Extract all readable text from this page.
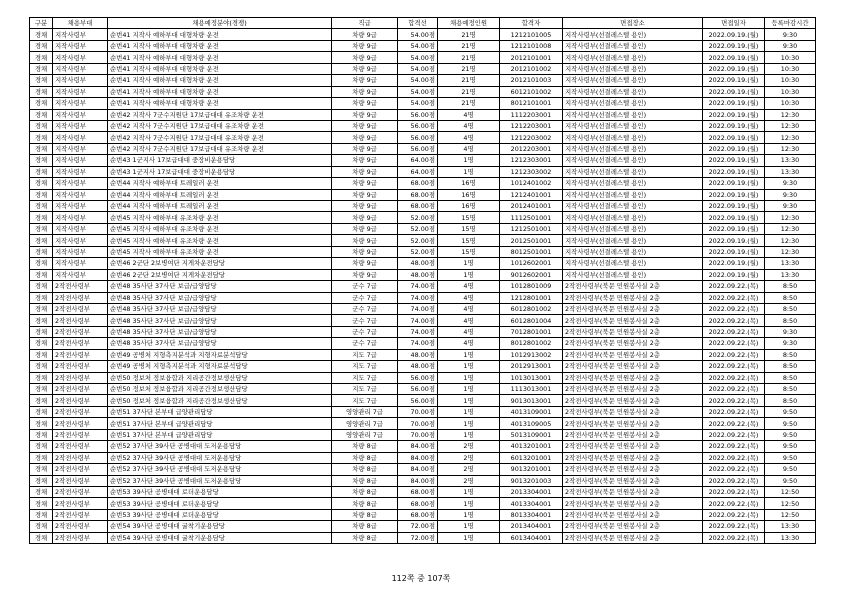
구분	채용부대	채용예정분야(경쟁)	직급	합격선	채용예정인원	합격자	면접장소	면접일자	등록마감시간
경채	지작사령부	순번41 지작사 예하부대 대형차량 운전	차량 9급	54.00점	21명	1212101005	지작사령부(선결레스텔 용인)	2022.09.19.(월)	9:30
경채	지작사령부	순번41 지작사 예하부대 대형차량 운전	차량 9급	54.00점	21명	1212101008	지작사령부(선결레스텔 용인)	2022.09.19.(월)	9:30
경채	지작사령부	순번41 지작사 예하부대 대형차량 운전	차량 9급	54.00점	21명	2012101001	지작사령부(선결레스텔 용인)	2022.09.19.(월)	10:30
경채	지작사령부	순번41 지작사 예하부대 대형차량 운전	차량 9급	54.00점	21명	2012101002	지작사령부(선결레스텔 용인)	2022.09.19.(월)	10:30
경채	지작사령부	순번41 지작사 예하부대 대형차량 운전	차량 9급	54.00점	21명	2012101003	지작사령부(선결레스텔 용인)	2022.09.19.(월)	10:30
경채	지작사령부	순번41 지작사 예하부대 대형차량 운전	차량 9급	54.00점	21명	6012101002	지작사령부(선결레스텔 용인)	2022.09.19.(월)	10:30
경채	지작사령부	순번41 지작사 예하부대 대형차량 운전	차량 9급	54.00점	21명	8012101001	지작사령부(선결레스텔 용인)	2022.09.19.(월)	10:30
경채	지작사령부	순번42 지작사 7군수지원단 17보급대대 유조차량 운전	차량 9급	56.00점	4명	1112203001	지작사령부(선결레스텔 용인)	2022.09.19.(월)	12:30
경채	지작사령부	순번42 지작사 7군수지원단 17보급대대 유조차량 운전	차량 9급	56.00점	4명	1212203001	지작사령부(선결레스텔 용인)	2022.09.19.(월)	12:30
경채	지작사령부	순번42 지작사 7군수지원단 17보급대대 유조차량 운전	차량 9급	56.00점	4명	1212203002	지작사령부(선결레스텔 용인)	2022.09.19.(월)	12:30
경채	지작사령부	순번42 지작사 7군수지원단 17보급대대 유조차량 운전	차량 9급	56.00점	4명	2012203001	지작사령부(선결레스텔 용인)	2022.09.19.(월)	12:30
경채	지작사령부	순번43 1군지사 17보급대대 중장비운용담당	차량 9급	64.00점	1명	1212303001	지작사령부(선결레스텔 용인)	2022.09.19.(월)	13:30
경채	지작사령부	순번43 1군지사 17보급대대 중장비운용담당	차량 9급	64.00점	1명	1212303002	지작사령부(선결레스텔 용인)	2022.09.19.(월)	13:30
경채	지작사령부	순번44 지작사 예하부대 트레일러 운전	차량 9급	68.00점	16명	1012401002	지작사령부(선결레스텔 용인)	2022.09.19.(월)	9:30
경채	지작사령부	순번44 지작사 예하부대 트레일러 운전	차량 9급	68.00점	16명	1212401001	지작사령부(선결레스텔 용인)	2022.09.19.(월)	9:30
경채	지작사령부	순번44 지작사 예하부대 트레일러 운전	차량 9급	68.00점	16명	2012401001	지작사령부(선결레스텔 용인)	2022.09.19.(월)	9:30
경채	지작사령부	순번45 지작사 예하부대 유조차량 운전	차량 9급	52.00점	15명	1112501001	지작사령부(선결레스텔 용인)	2022.09.19.(월)	12:30
경채	지작사령부	순번45 지작사 예하부대 유조차량 운전	차량 9급	52.00점	15명	1212501001	지작사령부(선결레스텔 용인)	2022.09.19.(월)	12:30
경채	지작사령부	순번45 지작사 예하부대 유조차량 운전	차량 9급	52.00점	15명	2012501001	지작사령부(선결레스텔 용인)	2022.09.19.(월)	12:30
경채	지작사령부	순번45 지작사 예하부대 유조차량 운전	차량 9급	52.00점	15명	8012501001	지작사령부(선결레스텔 용인)	2022.09.19.(월)	12:30
경채	지작사령부	순번46 2군단 2보병여단 지게차운전담당	차량 9급	48.00점	1명	1012602001	지작사령부(선결레스텔 용인)	2022.09.19.(월)	13:30
경채	지작사령부	순번46 2군단 2보병여단 지게차운전담당	차량 9급	48.00점	1명	9012602001	지작사령부(선결레스텔 용인)	2022.09.19.(월)	13:30
경채	2작전사령부	순번48 35사단 37사단 보급/급양담당	군수 7급	74.00점	4명	1012801009	2작전사령부(북문 민원봉사실 2층	2022.09.22.(목)	8:50
경채	2작전사령부	순번48 35사단 37사단 보급/급양담당	군수 7급	74.00점	4명	1212801001	2작전사령부(북문 민원봉사실 2층	2022.09.22.(목)	8:50
경채	2작전사령부	순번48 35사단 37사단 보급/급양담당	군수 7급	74.00점	4명	6012801002	2작전사령부(북문 민원봉사실 2층	2022.09.22.(목)	8:50
경채	2작전사령부	순번48 35사단 37사단 보급/급양담당	군수 7급	74.00점	4명	6012801004	2작전사령부(북문 민원봉사실 2층	2022.09.22.(목)	8:50
경채	2작전사령부	순번48 35사단 37사단 보급/급양담당	군수 7급	74.00점	4명	7012801001	2작전사령부(북문 민원봉사실 2층	2022.09.22.(목)	9:30
경채	2작전사령부	순번48 35사단 37사단 보급/급양담당	군수 7급	74.00점	4명	8012801002	2작전사령부(북문 민원봉사실 2층	2022.09.22.(목)	9:30
경채	2작전사령부	순번49 공병처 지형측지분석과 지형자료분석담당	지도 7급	48.00점	1명	1012913002	2작전사령부(북문 민원봉사실 2층	2022.09.22.(목)	8:50
경채	2작전사령부	순번49 공병처 지형측지분석과 지형자료분석담당	지도 7급	48.00점	1명	2012913001	2작전사령부(북문 민원봉사실 2층	2022.09.22.(목)	8:50
경채	2작전사령부	순번50 정보처 정보융합과 지리공간정보생산담당	지도 7급	56.00점	1명	1013013001	2작전사령부(북문 민원봉사실 2층	2022.09.22.(목)	8:50
경채	2작전사령부	순번50 정보처 정보융합과 지리공간정보생산담당	지도 7급	56.00점	1명	1113013001	2작전사령부(북문 민원봉사실 2층	2022.09.22.(목)	8:50
경채	2작전사령부	순번50 정보처 정보융합과 지리공간정보생산담당	지도 7급	56.00점	1명	9013013001	2작전사령부(북문 민원봉사실 2층	2022.09.22.(목)	8:50
경채	2작전사령부	순번51 37사단 본부대 급양관리담당	영양관리 7급	70.00점	1명	4013109001	2작전사령부(북문 민원봉사실 2층	2022.09.22.(목)	9:50
경채	2작전사령부	순번51 37사단 본부대 급양관리담당	영양관리 7급	70.00점	1명	4013109005	2작전사령부(북문 민원봉사실 2층	2022.09.22.(목)	9:50
경채	2작전사령부	순번51 37사단 본부대 급양관리담당	영양관리 7급	70.00점	1명	5013109001	2작전사령부(북문 민원봉사실 2층	2022.09.22.(목)	9:50
경채	2작전사령부	순번52 37사단 39사단 공병대대 도저운용담당	차량 8급	84.00점	2명	4013201001	2작전사령부(북문 민원봉사실 2층	2022.09.22.(목)	9:50
경채	2작전사령부	순번52 37사단 39사단 공병대대 도저운용담당	차량 8급	84.00점	2명	6013201001	2작전사령부(북문 민원봉사실 2층	2022.09.22.(목)	9:50
경채	2작전사령부	순번52 37사단 39사단 공병대대 도저운용담당	차량 8급	84.00점	2명	9013201001	2작전사령부(북문 민원봉사실 2층	2022.09.22.(목)	9:50
경채	2작전사령부	순번52 37사단 39사단 공병대대 도저운용담당	차량 8급	84.00점	2명	9013201003	2작전사령부(북문 민원봉사실 2층	2022.09.22.(목)	9:50
경채	2작전사령부	순번53 39사단 공병대대 로더운용담당	차량 8급	68.00점	1명	2013304001	2작전사령부(북문 민원봉사실 2층	2022.09.22.(목)	12:50
경채	2작전사령부	순번53 39사단 공병대대 로더운용담당	차량 8급	68.00점	1명	4013304001	2작전사령부(북문 민원봉사실 2층	2022.09.22.(목)	12:50
경채	2작전사령부	순번53 39사단 공병대대 로더운용담당	차량 8급	68.00점	1명	8013304001	2작전사령부(북문 민원봉사실 2층	2022.09.22.(목)	12:50
경채	2작전사령부	순번54 39사단 공병대대 굴착기운용담당	차량 8급	72.00점	1명	2013404001	2작전사령부(북문 민원봉사실 2층	2022.09.22.(목)	13:30
경채	2작전사령부	순번54 39사단 공병대대 굴착기운용담당	차량 8급	72.00점	1명	6013404001	2작전사령부(북문 민원봉사실 2층	2022.09.22.(목)	13:30
112쪽 중 107쪽
